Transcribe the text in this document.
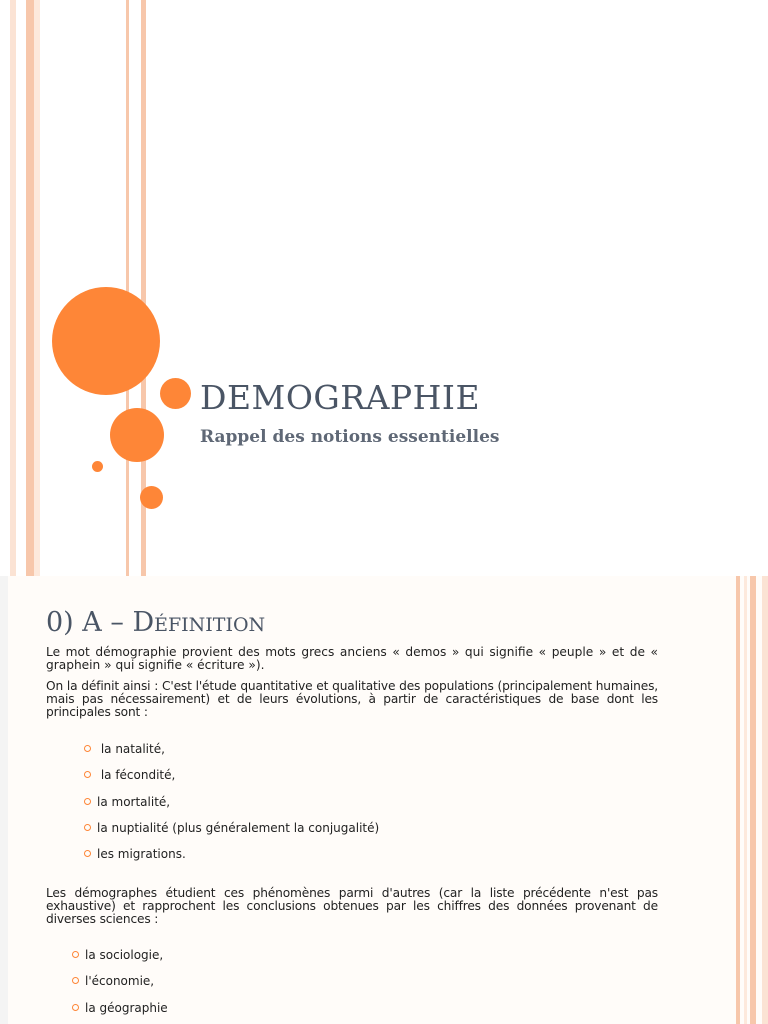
DEMOGRAPHIE
Rappel des notions essentielles
0) A – Définition
Le mot démographie provient des mots grecs anciens « demos » qui signifie « peuple » et de « graphein » qui signifie « écriture »).
On la définit ainsi : C'est l'étude quantitative et qualitative des populations (principalement humaines, mais pas nécessairement) et de leurs évolutions, à partir de caractéristiques de base dont les principales sont :
la natalité,
la fécondité,
la mortalité,
la nuptialité (plus généralement la conjugalité)
les migrations.
Les démographes étudient ces phénomènes parmi d'autres (car la liste précédente n'est pas exhaustive) et rapprochent les conclusions obtenues par les chiffres des données provenant de diverses sciences :
la sociologie,
l'économie,
la géographie
